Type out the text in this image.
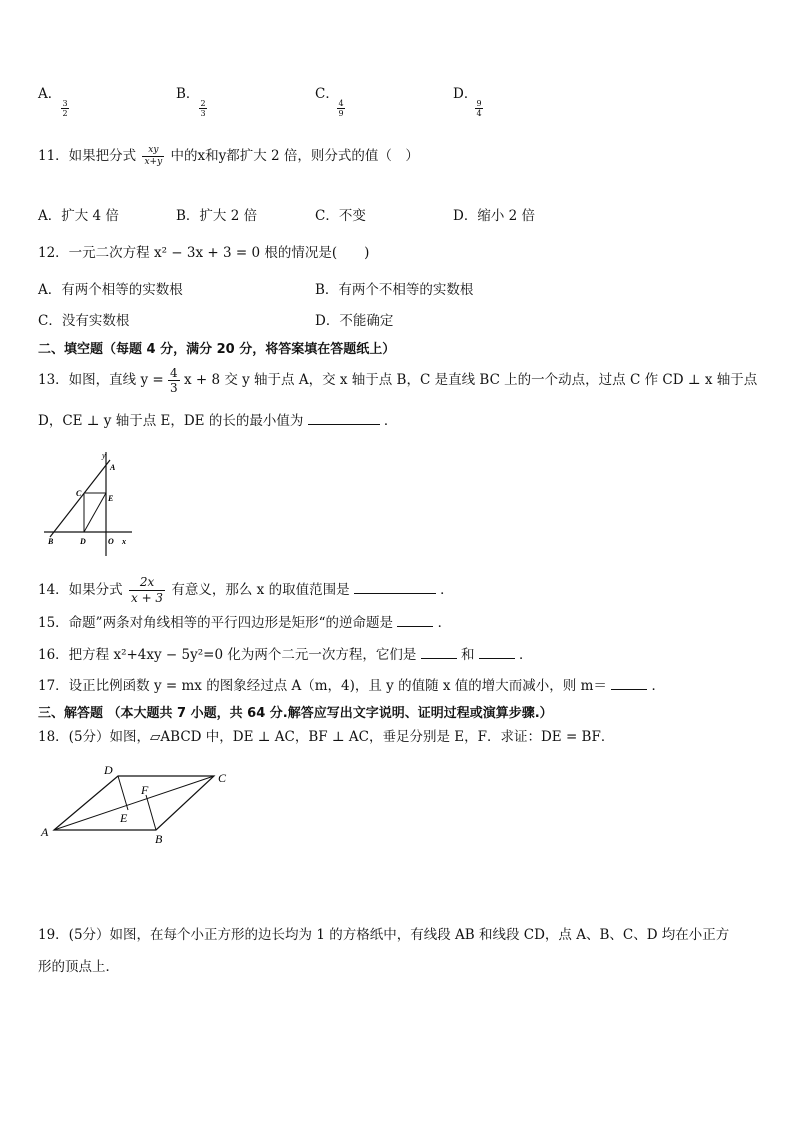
A．
$\frac{3}{2}$
B．
$\frac{2}{3}$
C．
$\frac{4}{9}$
D．
$\frac{9}{4}$
11．如果把分式 $\frac{xy}{x+y}$ 中的x和y都扩大 2 倍，则分式的值（　）
A．扩大 4 倍	B．扩大 2 倍	C．不变	D．缩小 2 倍
12．一元二次方程 x² − 3x + 3 = 0 根的情况是(　　)
A．有两个相等的实数根	B．有两个不相等的实数根
C．没有实数根	D．不能确定
二、填空题（每题 4 分，满分 20 分，将答案填在答题纸上）
13．如图，直线 $y = \frac{4}{3}$ x + 8 交 y 轴于点 A，交 x 轴于点 B，C 是直线 BC 上的一个动点，过点 C 作 CD ⊥ x 轴于点
D，CE ⊥ y 轴于点 E，DE 的长的最小值为	．
y
A
C
E
B	D	O x
14．如果分式 $\frac{2x}{x + 3}$ 有意义，那么 x 的取值范围是	．
15．命题”两条对角线相等的平行四边形是矩形“的逆命题是	．
16．把方程 x²+4xy − 5y²=0 化为两个二元一次方程，它们是	和	．
17．设正比例函数 y = mx 的图象经过点 A（m，4)，且 y 的值随 x 值的增大而减小，则 m＝	．
三、解答题 （本大题共 7 小题，共 64 分.解答应写出文字说明、证明过程或演算步骤.）
18．(5分）如图，▱ABCD 中，DE ⊥ AC，BF ⊥ AC，垂足分别是 E，F．求证：DE = BF．
D
C
F
E
A	B
19．(5分）如图，在每个小正方形的边长均为 1 的方格纸中，有线段 AB 和线段 CD，点 A、B、C、D 均在小正方
形的顶点上．
